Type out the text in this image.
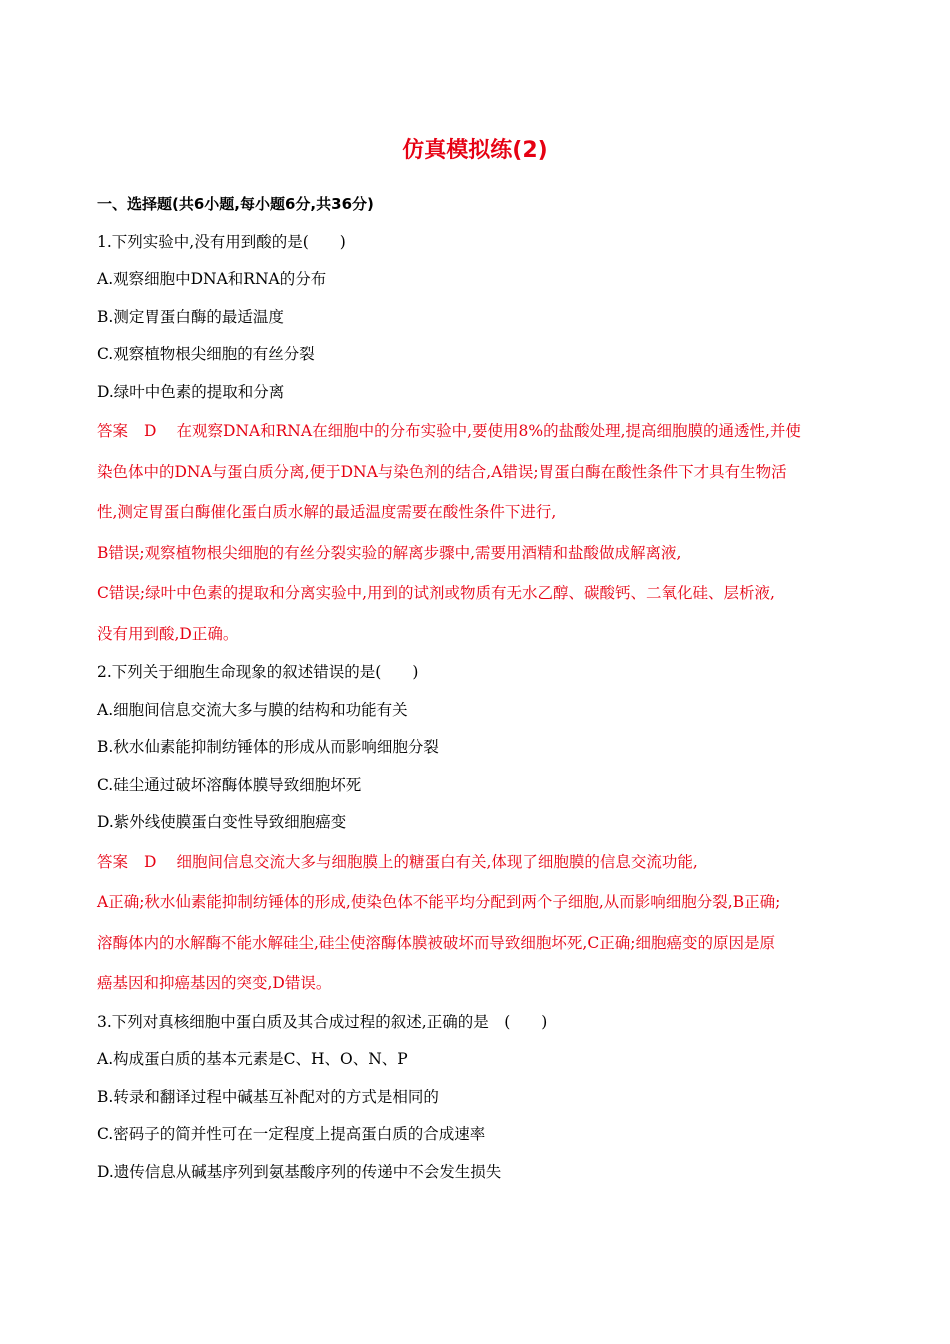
仿真模拟练(2)
一、选择题(共6小题,每小题6分,共36分)
1.下列实验中,没有用到酸的是(　　)
A.观察细胞中DNA和RNA的分布
B.测定胃蛋白酶的最适温度
C.观察植物根尖细胞的有丝分裂
D.绿叶中色素的提取和分离
答案 D 在观察DNA和RNA在细胞中的分布实验中,要使用8%的盐酸处理,提高细胞膜的通透性,并使
染色体中的DNA与蛋白质分离,便于DNA与染色剂的结合,A错误;胃蛋白酶在酸性条件下才具有生物活
性,测定胃蛋白酶催化蛋白质水解的最适温度需要在酸性条件下进行,
B错误;观察植物根尖细胞的有丝分裂实验的解离步骤中,需要用酒精和盐酸做成解离液,
C错误;绿叶中色素的提取和分离实验中,用到的试剂或物质有无水乙醇、碳酸钙、二氧化硅、层析液,
没有用到酸,D正确。
2.下列关于细胞生命现象的叙述错误的是(　　)
A.细胞间信息交流大多与膜的结构和功能有关
B.秋水仙素能抑制纺锤体的形成从而影响细胞分裂
C.硅尘通过破坏溶酶体膜导致细胞坏死
D.紫外线使膜蛋白变性导致细胞癌变
答案 D 细胞间信息交流大多与细胞膜上的糖蛋白有关,体现了细胞膜的信息交流功能,
A正确;秋水仙素能抑制纺锤体的形成,使染色体不能平均分配到两个子细胞,从而影响细胞分裂,B正确;
溶酶体内的水解酶不能水解硅尘,硅尘使溶酶体膜被破坏而导致细胞坏死,C正确;细胞癌变的原因是原
癌基因和抑癌基因的突变,D错误。
3.下列对真核细胞中蛋白质及其合成过程的叙述,正确的是　(　　)
A.构成蛋白质的基本元素是C、H、O、N、P
B.转录和翻译过程中碱基互补配对的方式是相同的
C.密码子的简并性可在一定程度上提高蛋白质的合成速率
D.遗传信息从碱基序列到氨基酸序列的传递中不会发生损失
